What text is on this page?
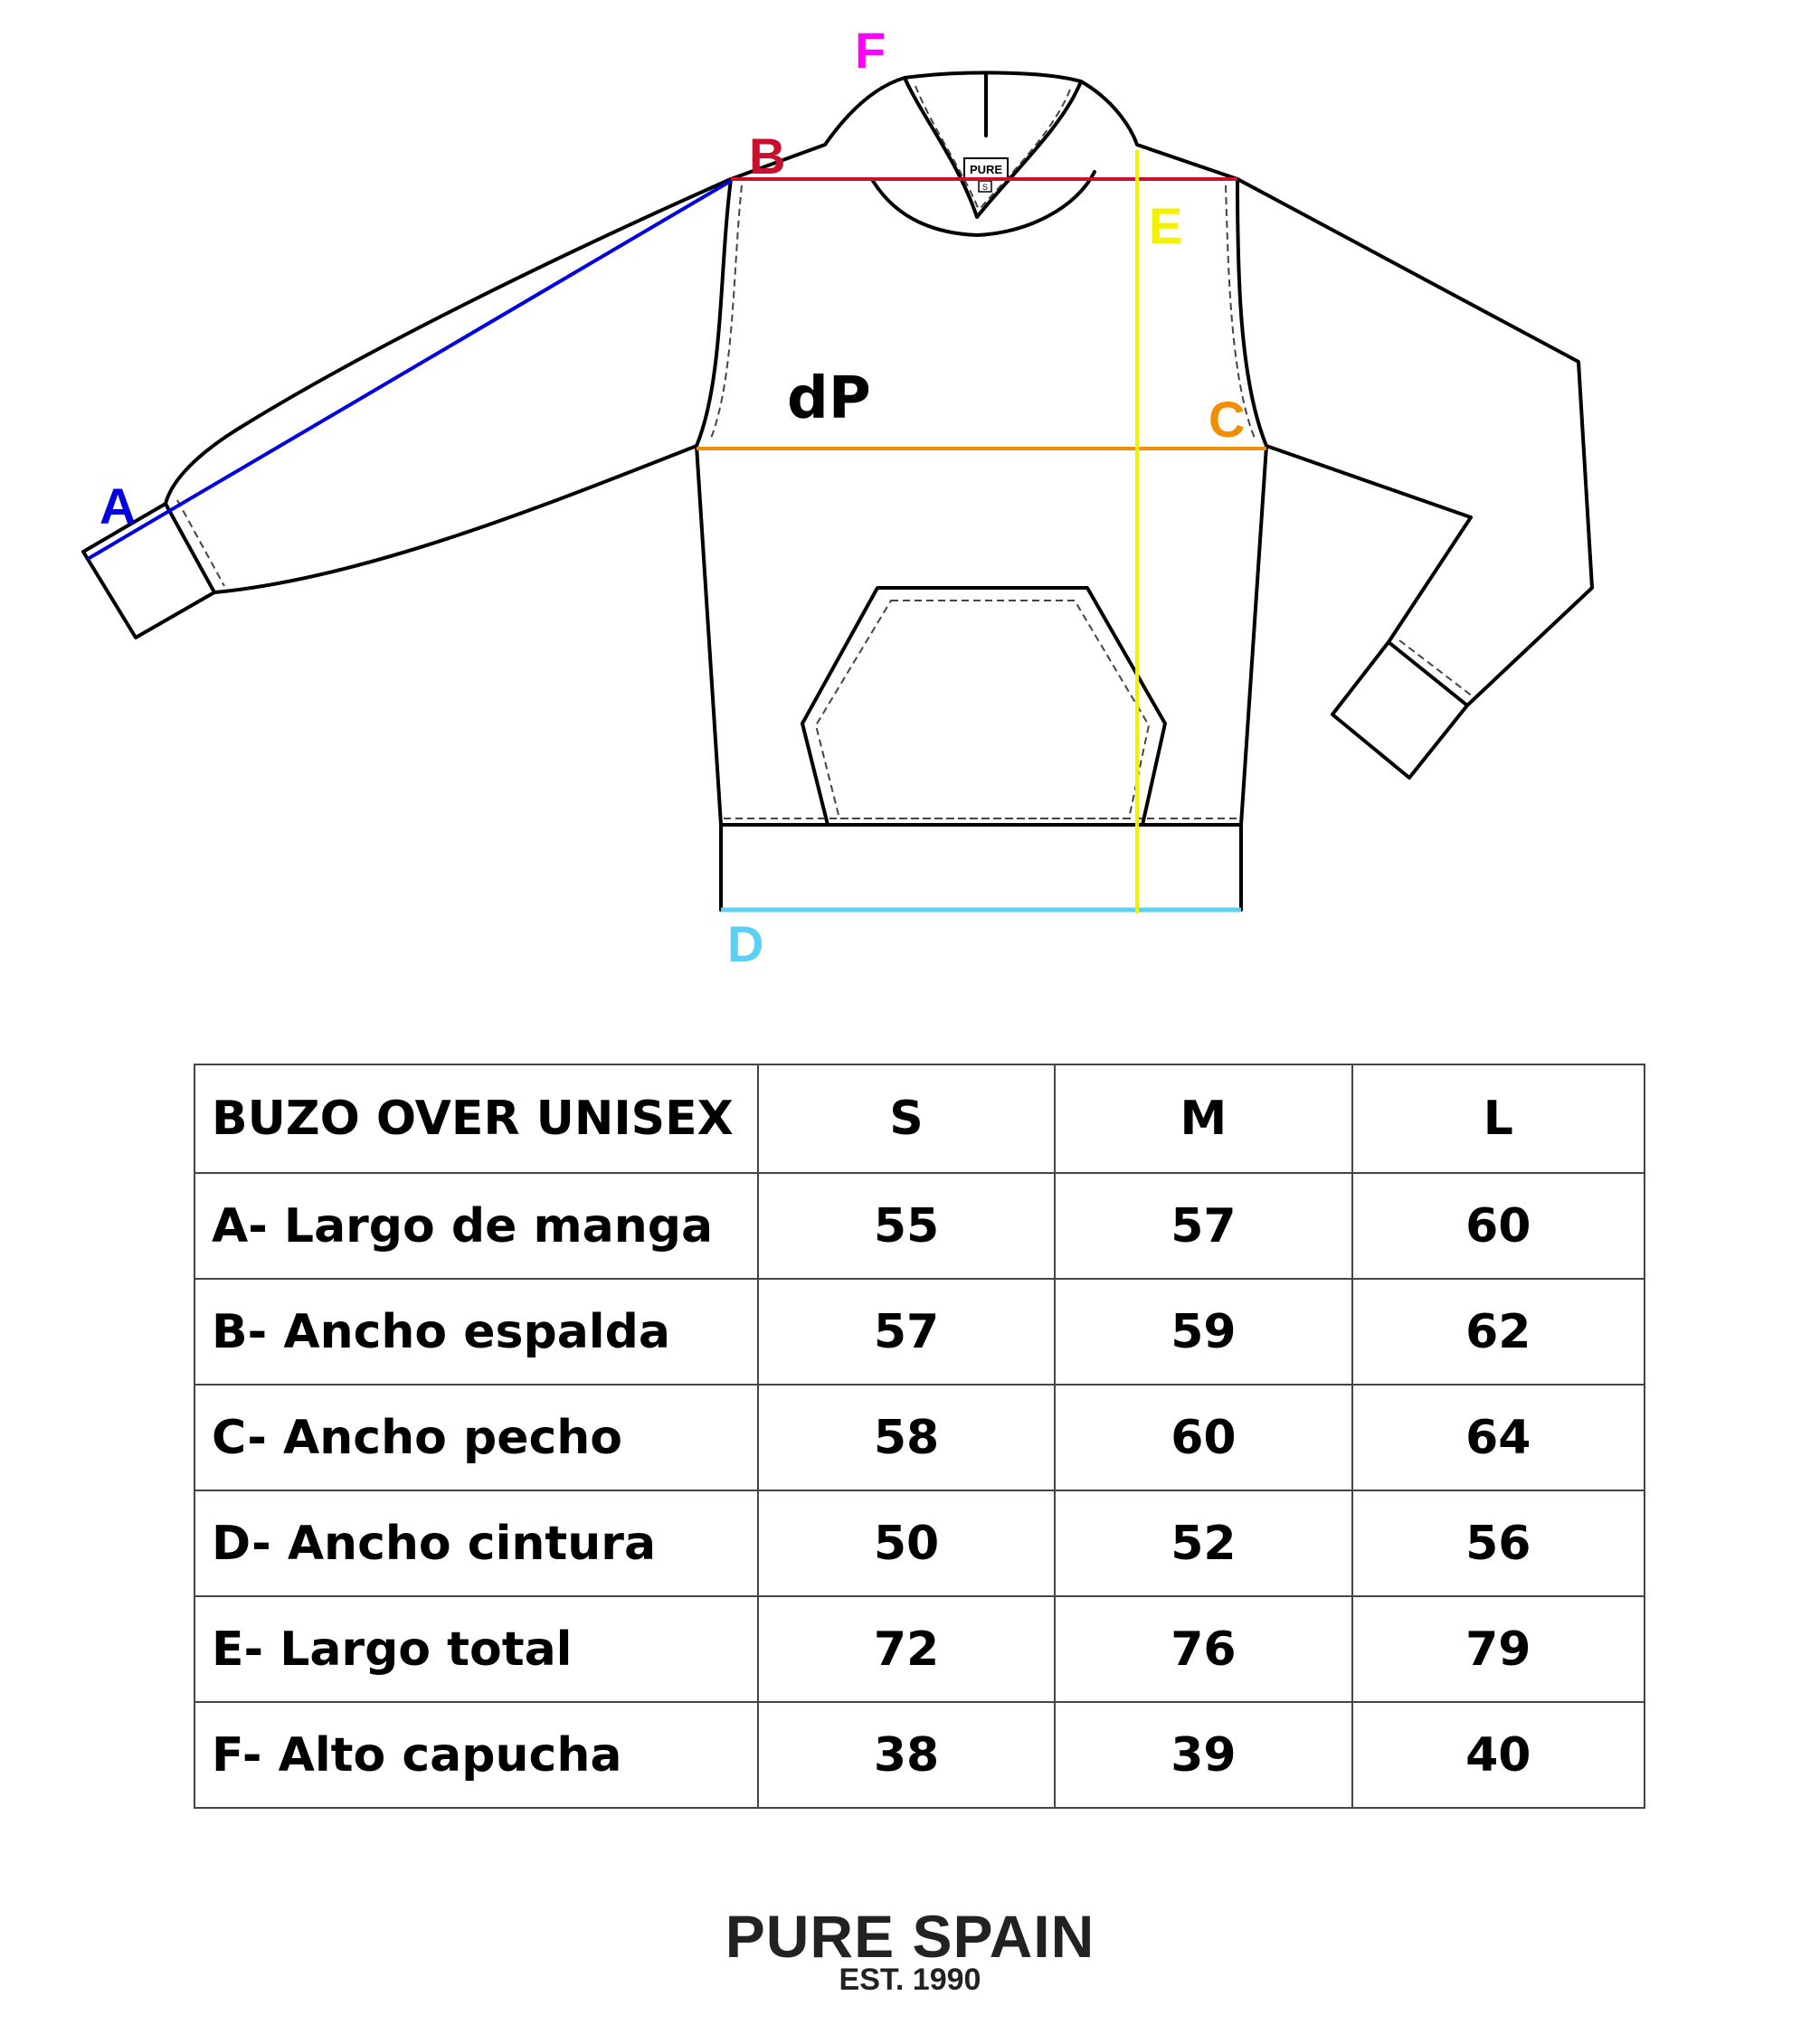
PURE
S
dP
A
B
C
D
E
F
BUZO OVER UNISEX	S	M	L
A- Largo de manga	55	57	60
B- Ancho espalda	57	59	62
C- Ancho pecho	58	60	64
D- Ancho cintura	50	52	56
E- Largo total	72	76	79
F- Alto capucha	38	39	40
PURE SPAIN
EST. 1990
